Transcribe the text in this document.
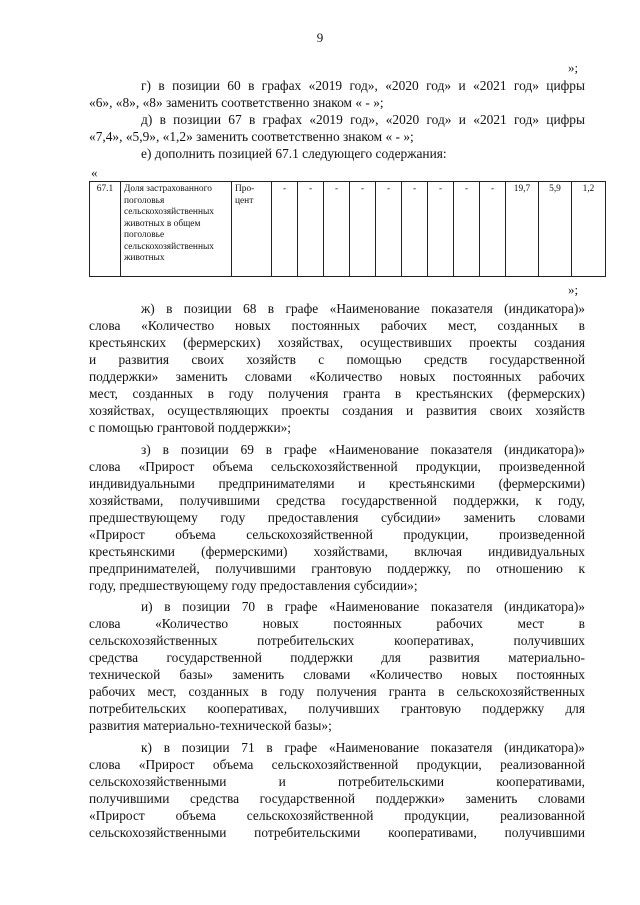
9
»;
г) в позиции 60 в графах «2019 год», «2020 год» и «2021 год» цифры
«6», «8», «8» заменить соответственно знаком « - »;
д) в позиции 67 в графах «2019 год», «2020 год» и «2021 год» цифры
«7,4», «5,9», «1,2» заменить соответственно знаком « - »;
е) дополнить позицией 67.1 следующего содержания:
«
67.1	Доля застрахованного поголовья сельскохозяйственных животных в общем поголовье сельскохозяйственных животных	Про-цент	-	-	-	-	-	-	-	-	-	19,7	5,9	1,2
»;
ж) в позиции 68 в графе «Наименование показателя (индикатора)»
слова «Количество новых постоянных рабочих мест, созданных в
крестьянских (фермерских) хозяйствах, осуществивших проекты создания
и развития своих хозяйств с помощью средств государственной
поддержки» заменить словами «Количество новых постоянных рабочих
мест, созданных в году получения гранта в крестьянских (фермерских)
хозяйствах, осуществляющих проекты создания и развития своих хозяйств
с помощью грантовой поддержки»;
з) в позиции 69 в графе «Наименование показателя (индикатора)»
слова «Прирост объема сельскохозяйственной продукции, произведенной
индивидуальными предпринимателями и крестьянскими (фермерскими)
хозяйствами, получившими средства государственной поддержки, к году,
предшествующему году предоставления субсидии» заменить словами
«Прирост объема сельскохозяйственной продукции, произведенной
крестьянскими (фермерскими) хозяйствами, включая индивидуальных
предпринимателей, получившими грантовую поддержку, по отношению к
году, предшествующему году предоставления субсидии»;
и) в позиции 70 в графе «Наименование показателя (индикатора)»
слова «Количество новых постоянных рабочих мест в
сельскохозяйственных потребительских кооперативах, получивших
средства государственной поддержки для развития материально-
технической базы» заменить словами «Количество новых постоянных
рабочих мест, созданных в году получения гранта в сельскохозяйственных
потребительских кооперативах, получивших грантовую поддержку для
развития материально-технической базы»;
к) в позиции 71 в графе «Наименование показателя (индикатора)»
слова «Прирост объема сельскохозяйственной продукции, реализованной
сельскохозяйственными и потребительскими кооперативами,
получившими средства государственной поддержки» заменить словами
«Прирост объема сельскохозяйственной продукции, реализованной
сельскохозяйственными потребительскими кооперативами, получившими
